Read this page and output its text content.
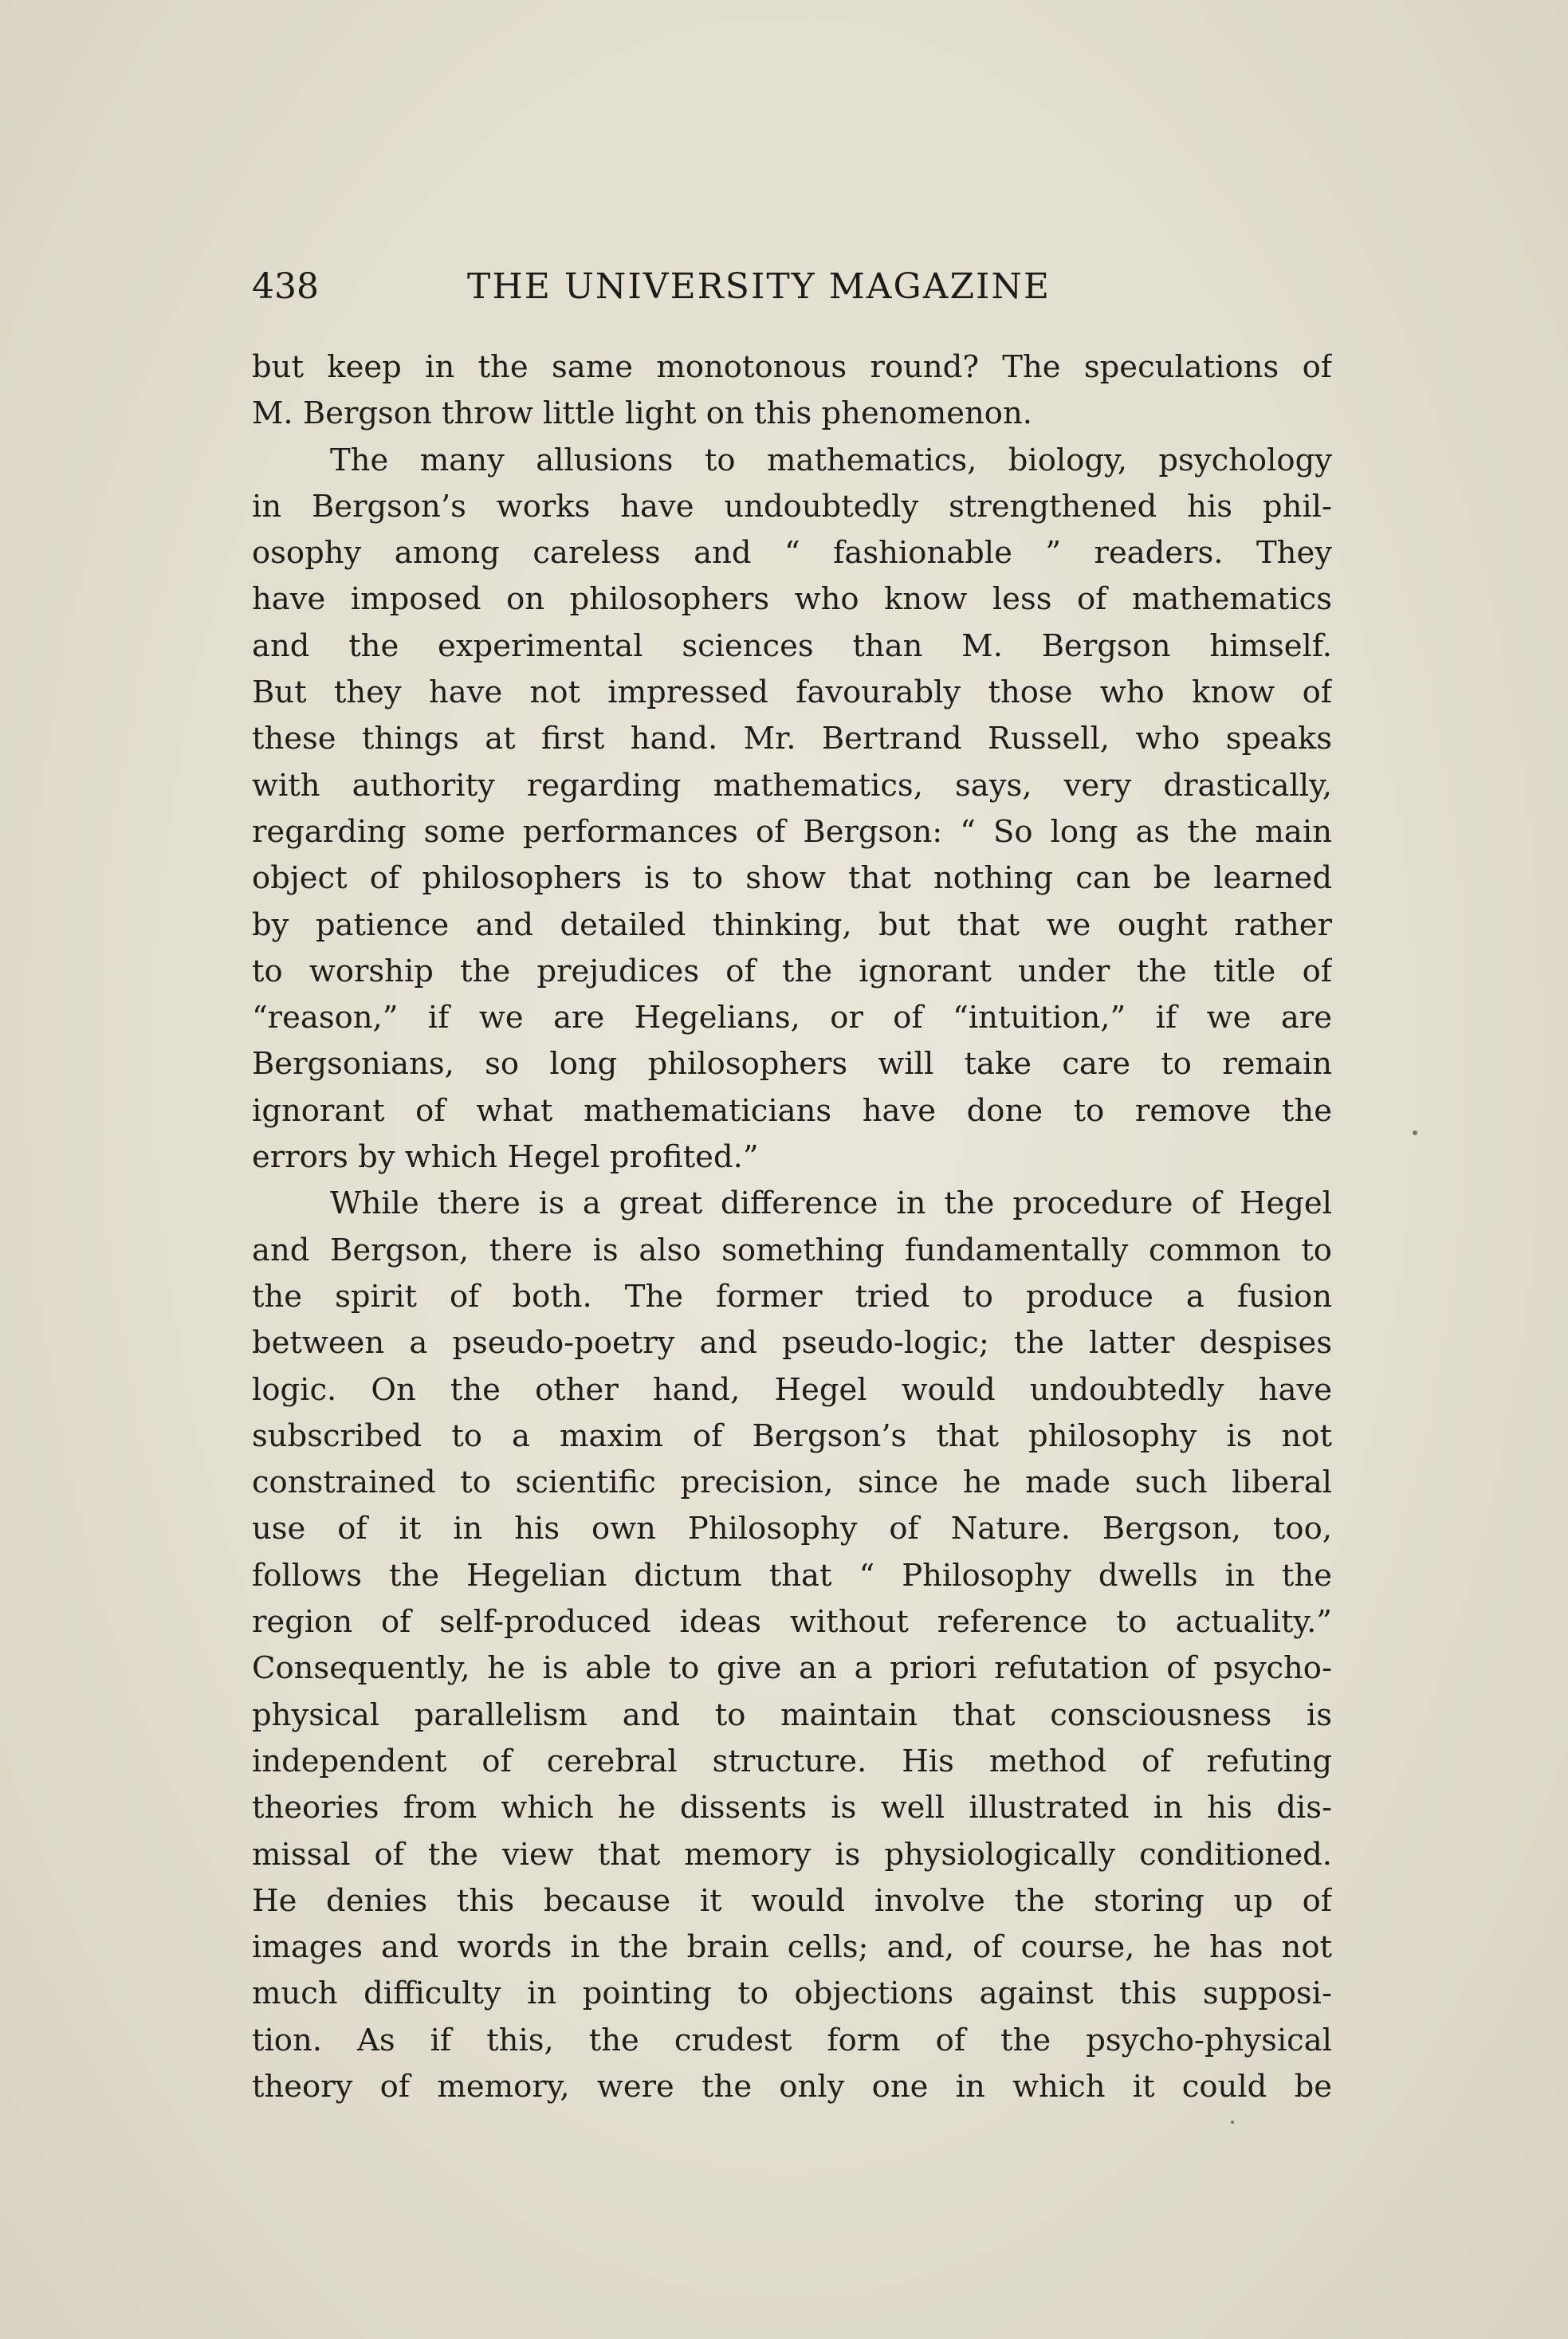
438	THE UNIVERSITY MAGAZINE
but keep in the same monotonous round? The speculations of
M. Bergson throw little light on this phenomenon.
The many allusions to mathematics, biology, psychology
in Bergson’s works have undoubtedly strengthened his phil-
osophy among careless and “ fashionable ” readers. They
have imposed on philosophers who know less of mathematics
and the experimental sciences than M. Bergson himself.
But they have not impressed favourably those who know of
these things at first hand. Mr. Bertrand Russell, who speaks
with authority regarding mathematics, says, very drastically,
regarding some performances of Bergson: “ So long as the main
object of philosophers is to show that nothing can be learned
by patience and detailed thinking, but that we ought rather
to worship the prejudices of the ignorant under the title of
“reason,” if we are Hegelians, or of “intuition,” if we are
Bergsonians, so long philosophers will take care to remain
ignorant of what mathematicians have done to remove the
errors by which Hegel profited.”
While there is a great difference in the procedure of Hegel
and Bergson, there is also something fundamentally common to
the spirit of both. The former tried to produce a fusion
between a pseudo-poetry and pseudo-logic; the latter despises
logic. On the other hand, Hegel would undoubtedly have
subscribed to a maxim of Bergson’s that philosophy is not
constrained to scientific precision, since he made such liberal
use of it in his own Philosophy of Nature. Bergson, too,
follows the Hegelian dictum that “ Philosophy dwells in the
region of self-produced ideas without reference to actuality.”
Consequently, he is able to give an a priori refutation of psycho-
physical parallelism and to maintain that consciousness is
independent of cerebral structure. His method of refuting
theories from which he dissents is well illustrated in his dis-
missal of the view that memory is physiologically conditioned.
He denies this because it would involve the storing up of
images and words in the brain cells; and, of course, he has not
much difficulty in pointing to objections against this supposi-
tion. As if this, the crudest form of the psycho-physical
theory of memory, were the only one in which it could be
